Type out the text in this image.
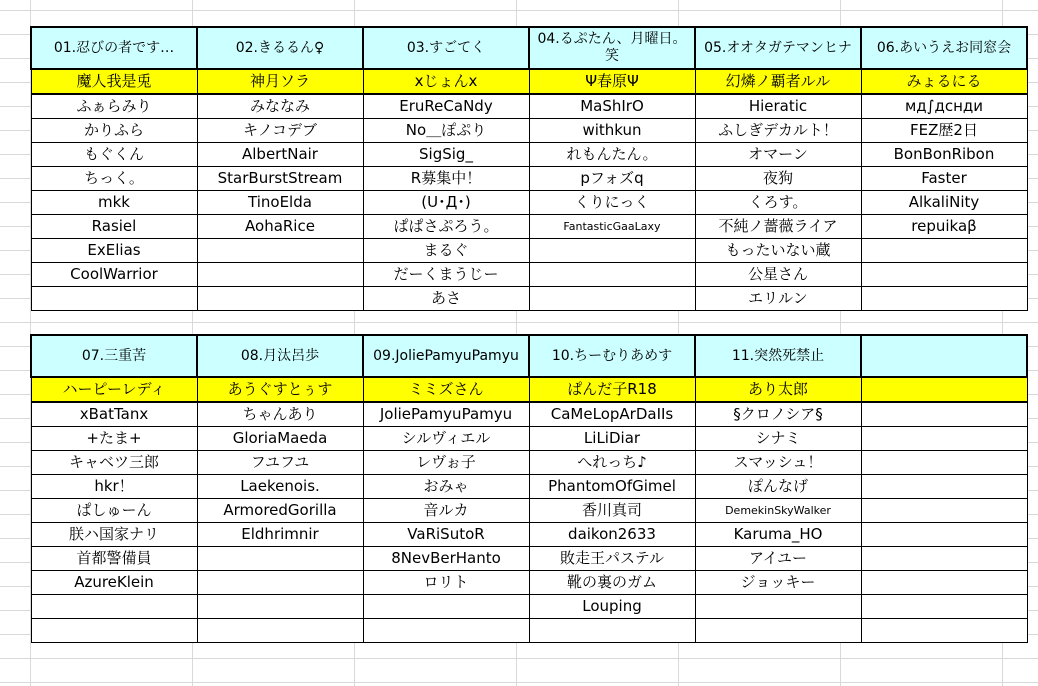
01.忍びの者です…	02.きるるん♀	03.すごてく	04.るぷたん、月曜日。笑	05.オオタガテマンヒナ	06.あいうえお同窓会
魔人我是兎	神月ソラ	xじょんx	Ψ春原Ψ	幻燐ノ覇者ルル	みょるにる
ふぁらみり	みななみ	EruReCaNdy	MaShIrO	Hieratic	мд∫дснди
かりふら	キノコデブ	No＿ぽぷり	withkun	ふしぎデカルト！	FEZ歴2日
もぐくん	AlbertNair	SigSig_	れもんたん。	オマーン	BonBonRibon
ちっく。	StarBurstStream	R募集中！	pフォズq	夜狗	Faster
mkk	TinoElda	(U･Д･)	くりにっく	くろす。	AlkaliNity
Rasiel	AohaRice	ぱぱさぷろう。	FantasticGaaLaxy	不純ノ薔薇ライア	repuikaβ
ExElias		まるぐ		もったいない蔵	
CoolWarrior		だーくまうじー		公星さん	
		あさ		エリルン	
07.三重苦	08.月汰呂歩	09.JoliePamyuPamyu	10.ちーむりあめす	11.突然死禁止	
ハーピーレディ	あうぐすとぅす	ミミズさん	ぱんだ子R18	あり太郎	
xBatTanx	ちゃんあり	JoliePamyuPamyu	CaMeLopArDaIIs	§クロノシア§	
+たま+	GloriaMaeda	シルヴィエル	LiLiDiar	シナミ	
キャベツ三郎	フユフユ	レヴぉ子	へれっち♪	スマッシュ！	
hkr！	Laekenois.	おみゃ	PhantomOfGimel	ぽんなげ	
ぱしゅーん	ArmoredGorilla	音ルカ	香川真司	DemekinSkyWalker	
朕ハ国家ナリ	Eldhrimnir	VaRiSutoR	daikon2633	Karuma_HO	
首都警備員		8NevBerHanto	敗走王パステル	アイユー	
AzureKlein		ロリト	靴の裏のガム	ジョッキー	
			Louping		
